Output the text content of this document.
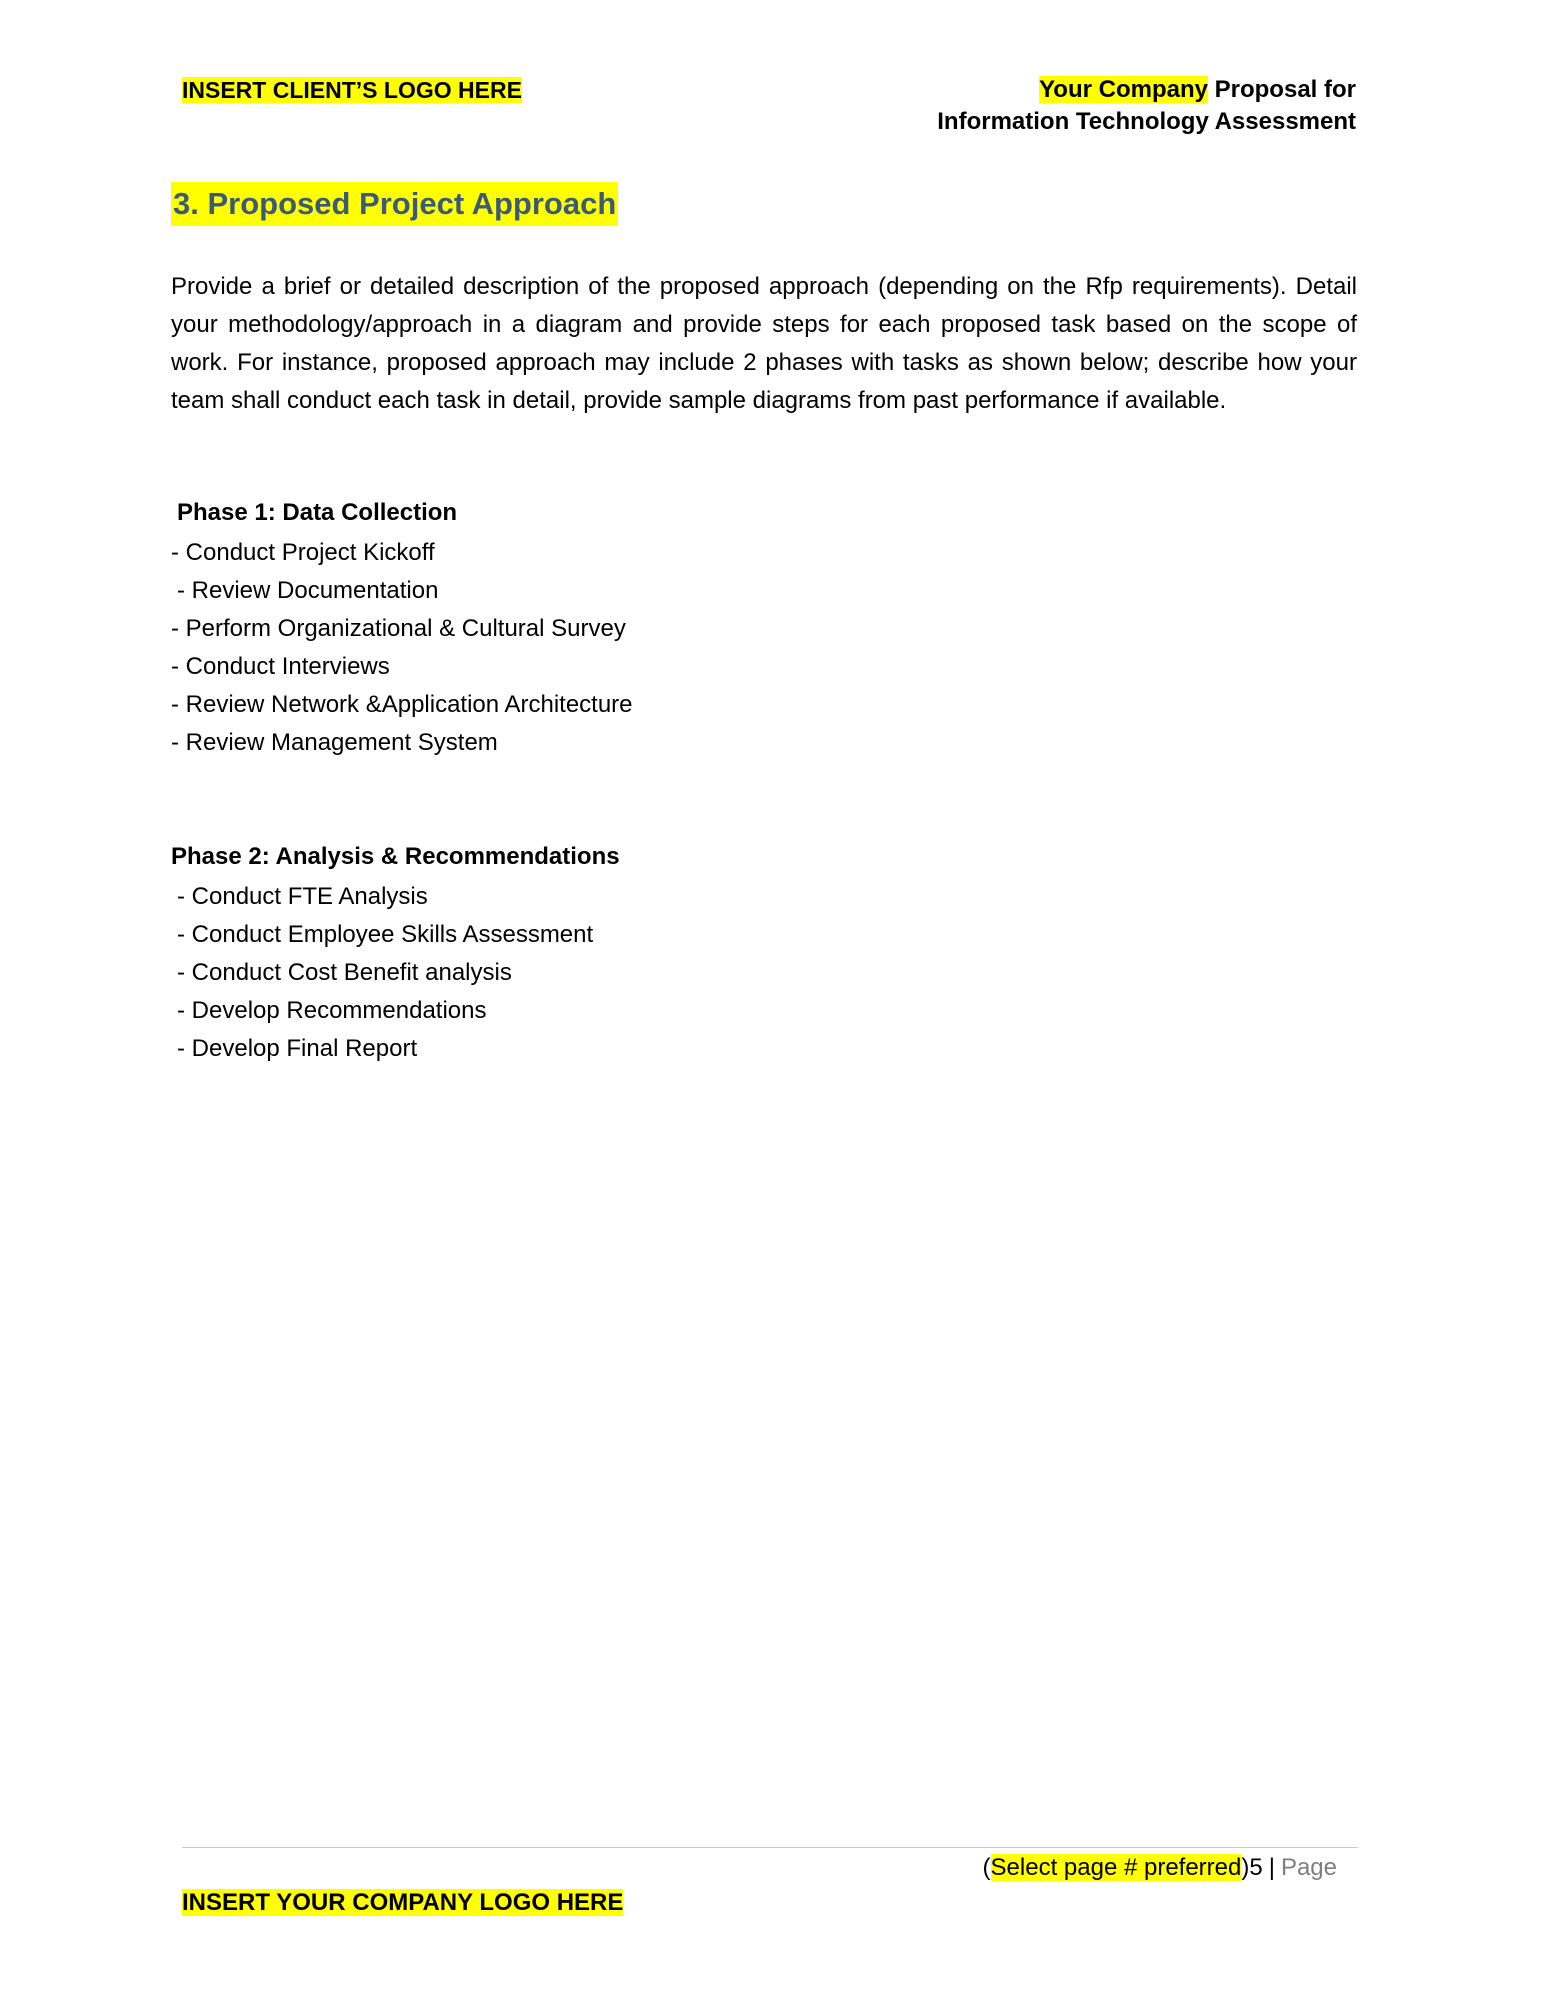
INSERT CLIENT’S LOGO HERE	Your Company Proposal for
Information Technology Assessment
3. Proposed Project Approach

Provide a brief or detailed description of the proposed approach (depending on the Rfp requirements). Detail your methodology/approach in a diagram and provide steps for each proposed task based on the scope of work. For instance, proposed approach may include 2 phases with tasks as shown below; describe how your team shall conduct each task in detail, provide sample diagrams from past performance if available.

Phase 1: Data Collection
- Conduct Project Kickoff
- Review Documentation
- Perform Organizational & Cultural Survey
- Conduct Interviews
- Review Network &Application Architecture
- Review Management System
Phase 2: Analysis & Recommendations
- Conduct FTE Analysis
- Conduct Employee Skills Assessment
- Conduct Cost Benefit analysis
- Develop Recommendations
- Develop Final Report
(Select page # preferred)5 | Page
INSERT YOUR COMPANY LOGO HERE
